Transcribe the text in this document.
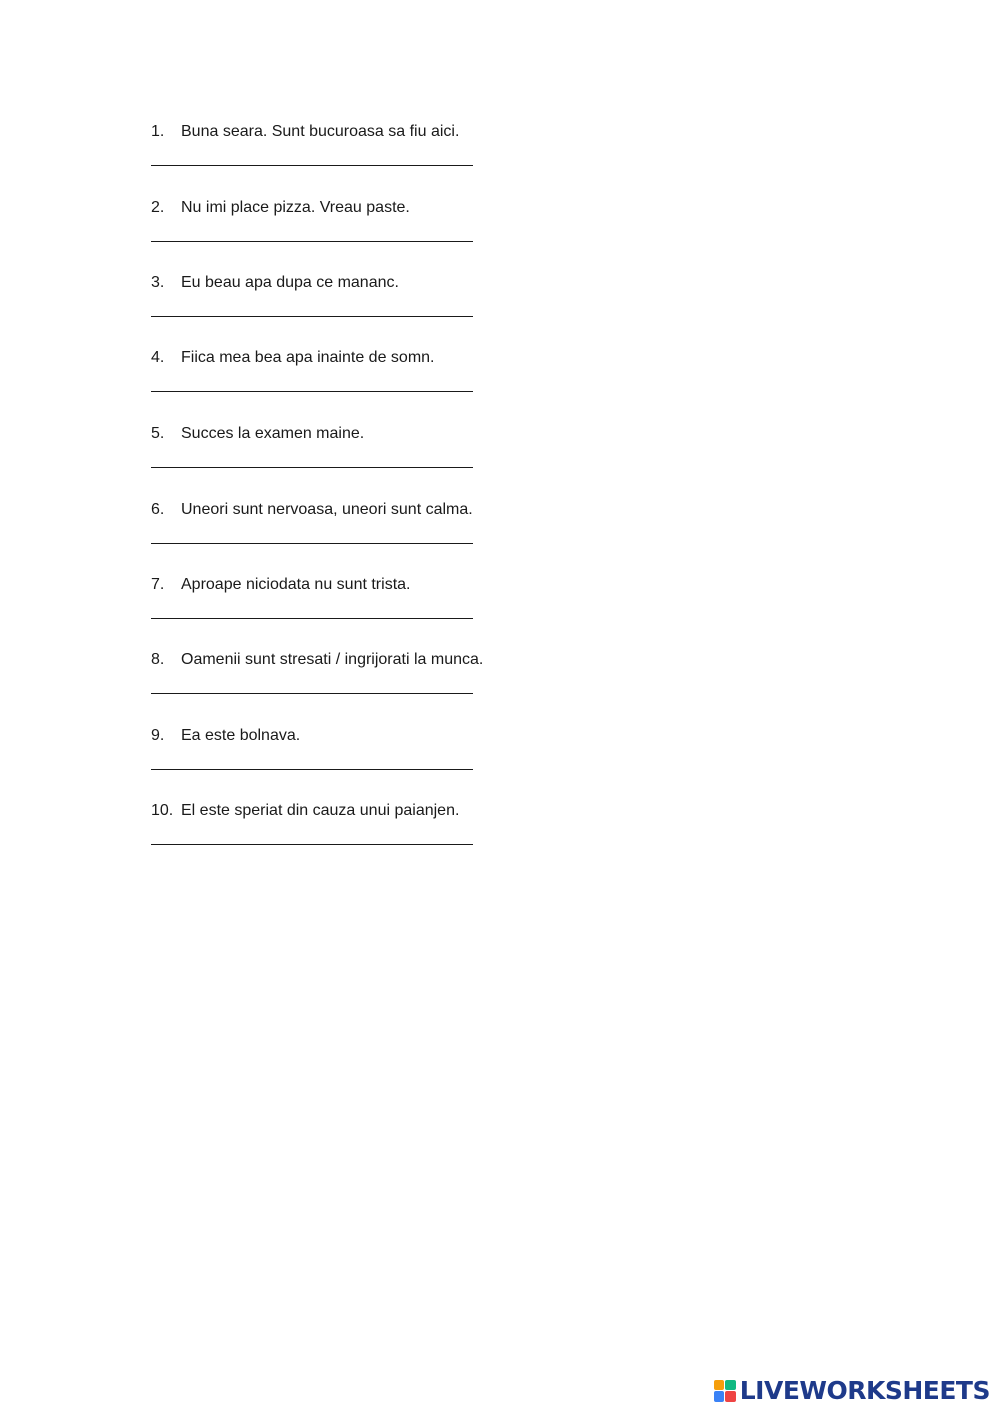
1.	Buna seara. Sunt bucuroasa sa fiu aici.
2.	Nu imi place pizza. Vreau paste.
3.	Eu beau apa dupa ce mananc.
4.	Fiica mea bea apa inainte de somn.
5.	Succes la examen maine.
6.	Uneori sunt nervoasa, uneori sunt calma.
7.	Aproape niciodata nu sunt trista.
8.	Oamenii sunt stresati / ingrijorati la munca.
9.	Ea este bolnava.
10. El este speriat din cauza unui paianjen.
LIVEWORKSHEETS
